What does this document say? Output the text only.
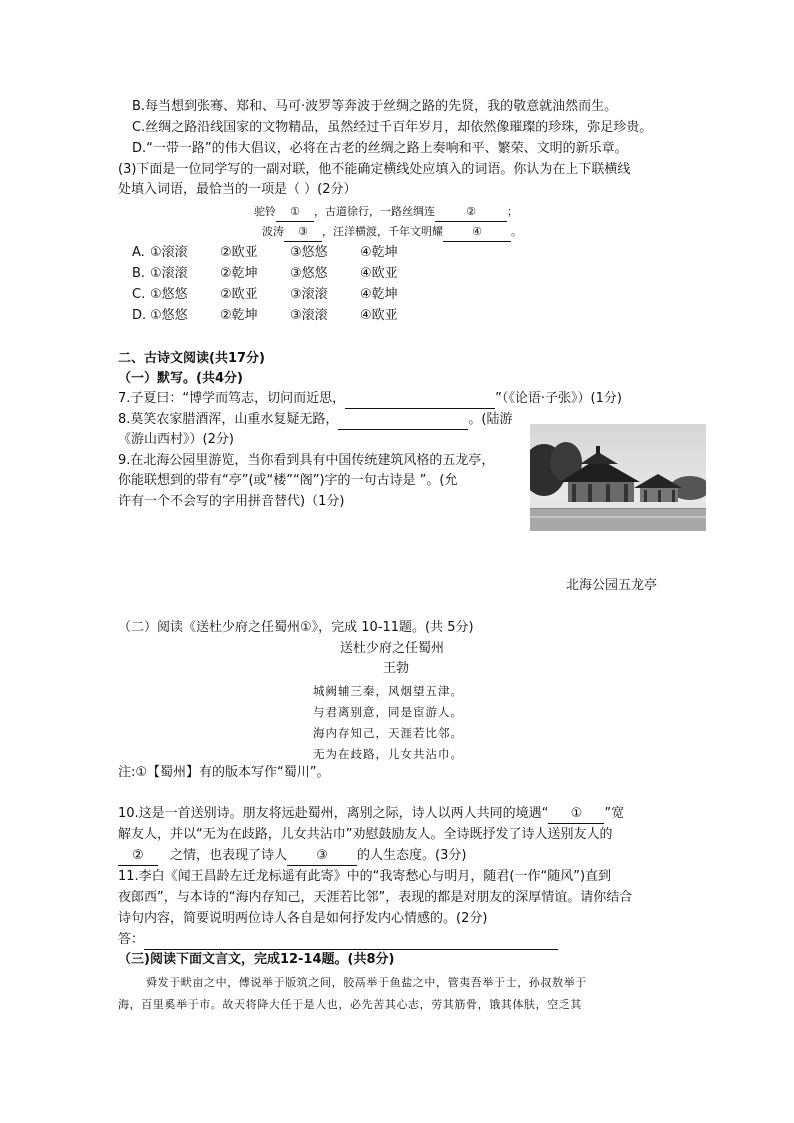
B.每当想到张骞、郑和、马可·波罗等奔波于丝绸之路的先贤，我的敬意就油然而生。
C.丝绸之路沿线国家的文物精品，虽然经过千百年岁月，却依然像璀璨的珍珠，弥足珍贵。
D.“一带一路”的伟大倡议，必将在古老的丝绸之路上奏响和平、繁荣、文明的新乐章。
(3)下面是一位同学写的一副对联，他不能确定横线处应填入的词语。你认为在上下联横线
处填入词语，最恰当的一项是（ ）(2分）
驼铃 ① ，古道徐行，一路丝绸连	②	；
波涛 ③ ，汪洋横渡，千年文明耀	④	。
A. ①滚滚 ②欧亚 ③悠悠 ④乾坤
B. ①滚滚 ②乾坤 ③悠悠 ④欧亚
C. ①悠悠 ②欧亚 ③滚滚 ④乾坤
D. ①悠悠 ②乾坤 ③滚滚 ④欧亚
二、古诗文阅读(共17分)
（一）默写。(共4分)
7.子夏曰：“博学而笃志，切问而近思，	”（《论语·子张》）(1分)
8.莫笑农家腊酒浑，山重水复疑无路，	。(陆游
《游山西村》）(2分)
9.在北海公园里游览，当你看到具有中国传统建筑风格的五龙亭，
你能联想到的带有“亭”(或“楼”“阁”)字的一句古诗是 ”。(允
许有一个不会写的字用拼音替代)（1分)
北海公园五龙亭
（二）阅读《送杜少府之任蜀州①》，完成 10-11题。(共 5分)
送杜少府之任蜀州
王勃
城阙辅三秦，风烟望五津。
与君离别意，同是宦游人。
海内存知己，天涯若比邻。
无为在歧路，儿女共沾巾。
注:①【蜀州】有的版本写作“蜀川”。
10.这是一首送别诗。朋友将远赴蜀州，离别之际，诗人以两人共同的境遇“ ① ”宽
解友人，并以“无为在歧路，儿女共沾巾”劝慰鼓励友人。全诗既抒发了诗人送别友人的
② 之情，也表现了诗人 ③ 的人生态度。(3分)
11.李白《闻王昌龄左迁龙标遥有此寄》中的“我寄愁心与明月，随君(一作“随风”)直到
夜郎西”，与本诗的“海内存知己，天涯若比邻”，表现的都是对朋友的深厚情谊。请你结合
诗句内容，简要说明两位诗人各自是如何抒发内心情感的。(2分)
答：
（三)阅读下面文言文，完成12-14题。(共8分)
舜发于畎亩之中，傅说举于版筑之间，胶鬲举于鱼盐之中，管夷吾举于士，孙叔敖举于
海，百里奚举于市。故天将降大任于是人也，必先苦其心志，劳其筋骨，饿其体肤，空乏其
